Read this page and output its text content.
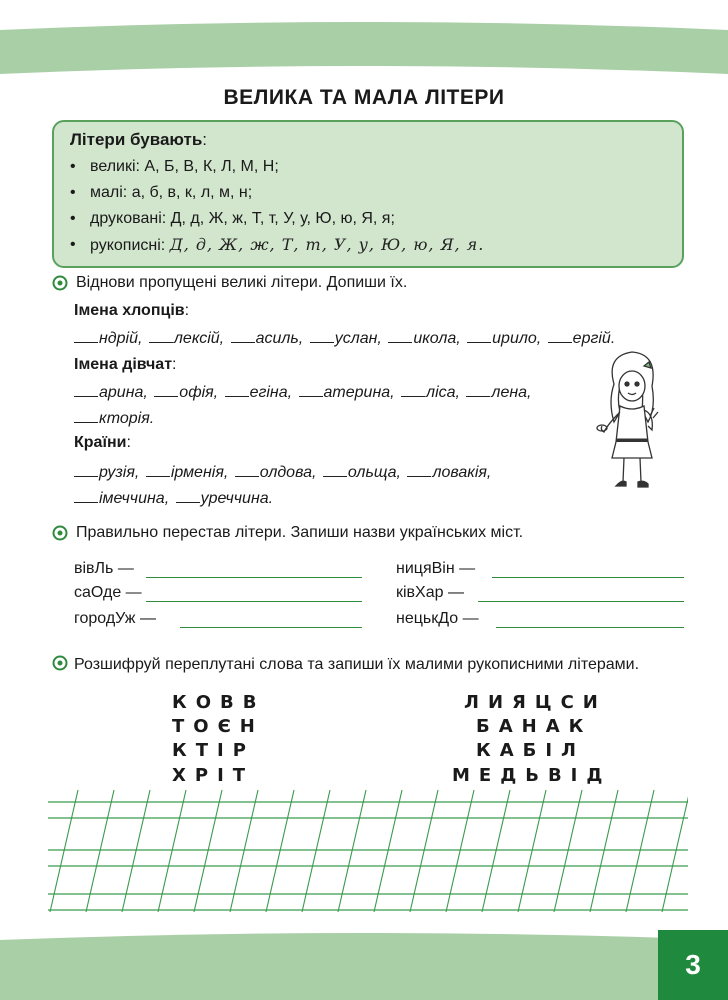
ВЕЛИКА ТА МАЛА ЛІТЕРИ
Літери бувають:
• великі: А, Б, В, К, Л, М, Н;
• малі: а, б, в, к, л, м, н;
• друковані: Д, д, Ж, ж, Т, т, У, у, Ю, ю, Я, я;
• рукописні: Д, д, Ж, ж, Т, т, У, у, Ю, ю, Я, я.
Віднови пропущені великі літери. Допиши їх.
Імена хлопців:
ндрій, лексій, асиль, услан, икола, ирило, ергій.
Імена дівчат:
арина, офія, егіна, атерина, ліса, лена,
кторія.
Країни:
рузія, ірменія, олдова, ольща, ловакія,
імеччина, уреччина.
Правильно перестав літери. Запиши назви українських міст.
вівЛь —
саОде —
городУж —
ницяВін —
ківХар —
нецькДо —
Розшифруй переплутані слова та запиши їх малими рукописними літерами.
КОВВ
ТОЄН
КТІР
ХРІТ
ЛИЯЦСИ
БАНАК
КАБІЛ
МЕДЬВІД
3
